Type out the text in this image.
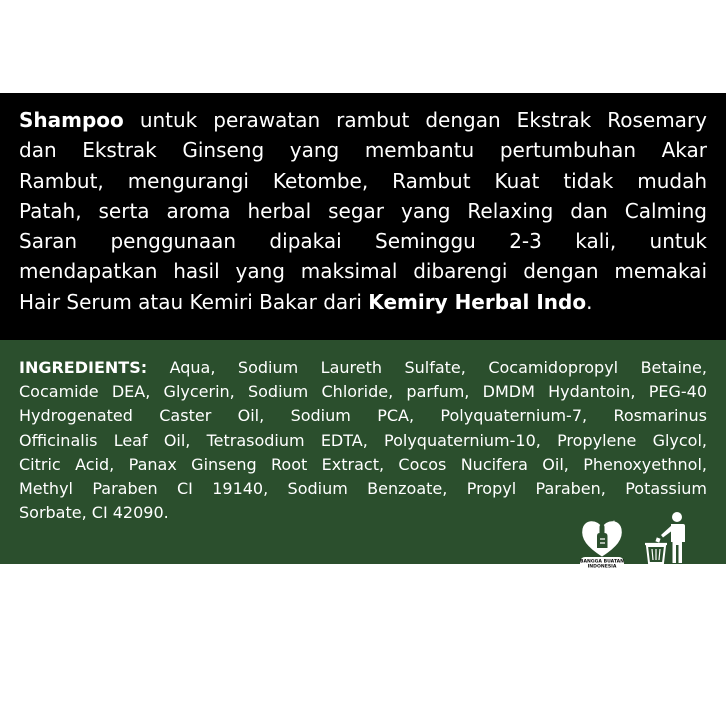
Shampoo untuk perawatan rambut dengan Ekstrak Rosemary
dan Ekstrak Ginseng yang membantu pertumbuhan Akar
Rambut, mengurangi Ketombe, Rambut Kuat tidak mudah
Patah, serta aroma herbal segar yang Relaxing dan Calming
Saran penggunaan dipakai Seminggu 2-3 kali, untuk
mendapatkan hasil yang maksimal dibarengi dengan memakai
Hair Serum atau Kemiri Bakar dari Kemiry Herbal Indo.
INGREDIENTS: Aqua, Sodium Laureth Sulfate, Cocamidopropyl Betaine,
Cocamide DEA, Glycerin, Sodium Chloride, parfum, DMDM Hydantoin, PEG-40
Hydrogenated Caster Oil, Sodium PCA, Polyquaternium-7, Rosmarinus
Officinalis Leaf Oil, Tetrasodium EDTA, Polyquaternium-10, Propylene Glycol,
Citric Acid, Panax Ginseng Root Extract, Cocos Nucifera Oil, Phenoxyethnol,
Methyl Paraben CI 19140, Sodium Benzoate, Propyl Paraben, Potassium
Sorbate, CI 42090.
BANGGA BUATAN
INDONESIA
